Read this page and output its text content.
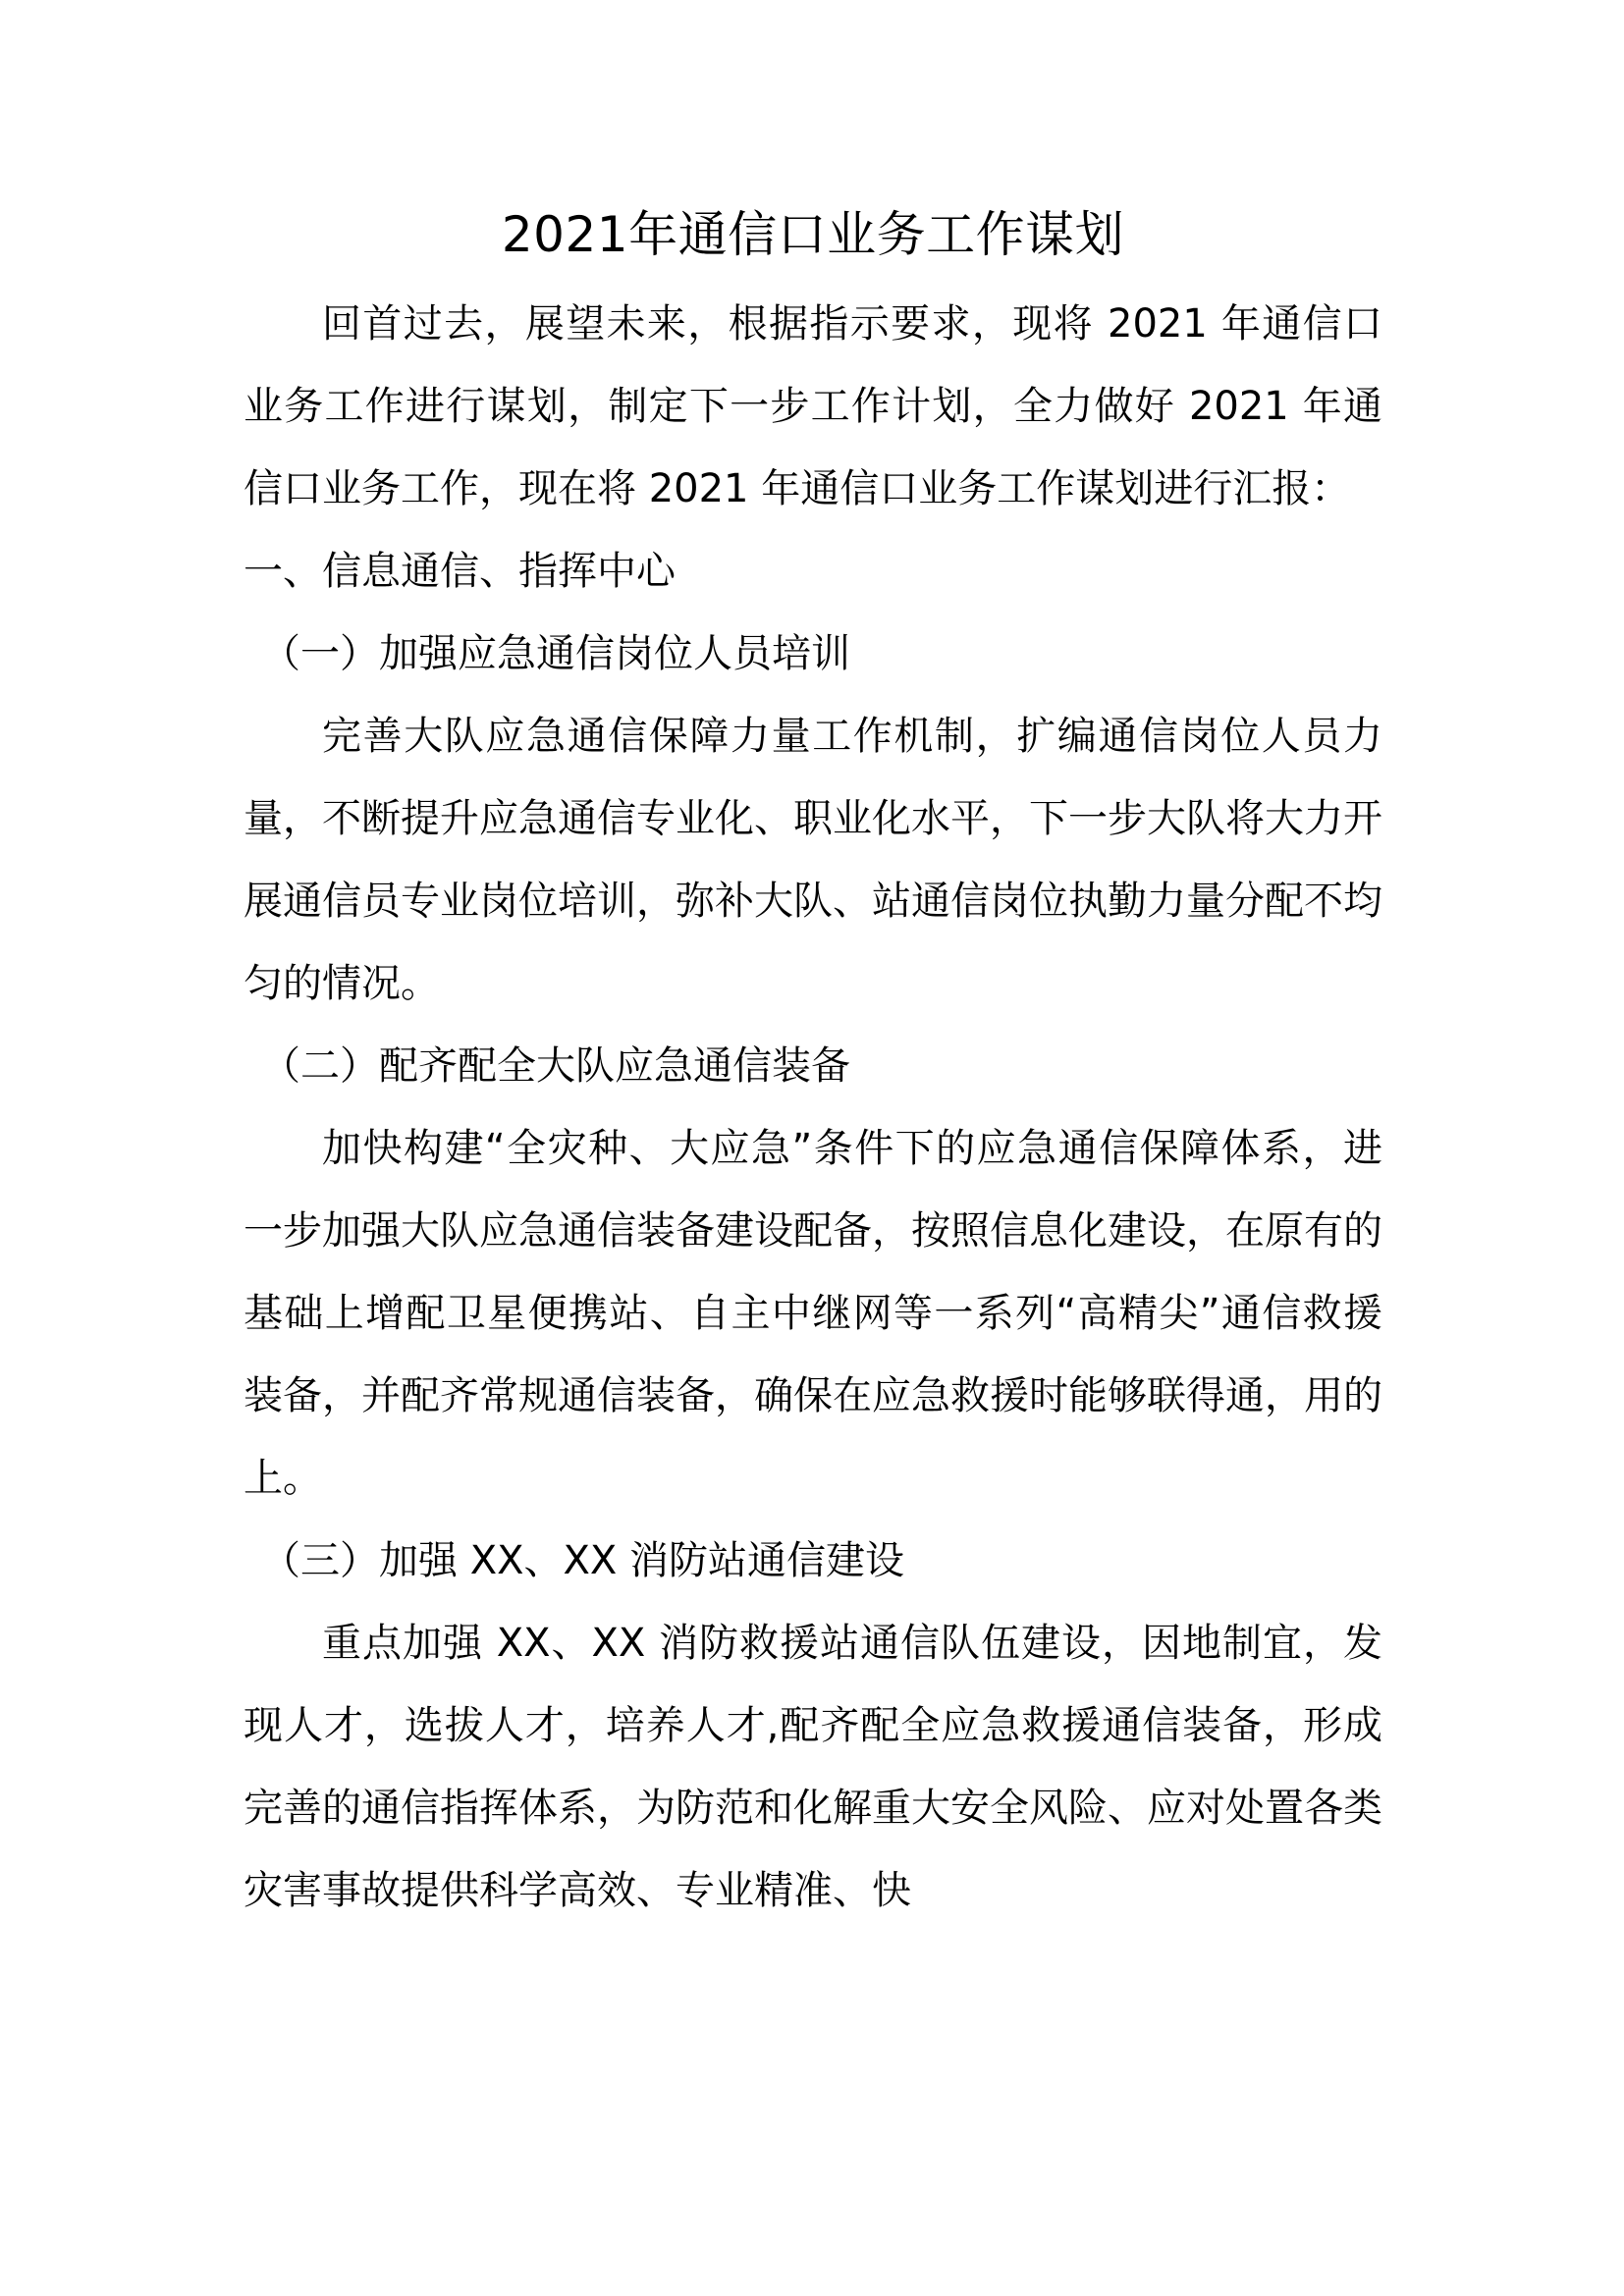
2021年通信口业务工作谋划

回首过去，展望未来，根据指示要求，现将 2021 年通信口业务工作进行谋划，制定下一步工作计划，全力做好 2021 年通信口业务工作，现在将 2021 年通信口业务工作谋划进行汇报：

一、信息通信、指挥中心

（一）加强应急通信岗位人员培训

完善大队应急通信保障力量工作机制，扩编通信岗位人员力量，不断提升应急通信专业化、职业化水平，下一步大队将大力开展通信员专业岗位培训，弥补大队、站通信岗位执勤力量分配不均匀的情况。

（二）配齐配全大队应急通信装备

加快构建“全灾种、大应急”条件下的应急通信保障体系，进一步加强大队应急通信装备建设配备，按照信息化建设，在原有的基础上增配卫星便携站、自主中继网等一系列“高精尖”通信救援装备，并配齐常规通信装备，确保在应急救援时能够联得通，用的上。

（三）加强 XX、XX 消防站通信建设

重点加强 XX、XX 消防救援站通信队伍建设，因地制宜，发现人才，选拔人才，培养人才,配齐配全应急救援通信装备，形成完善的通信指挥体系，为防范和化解重大安全风险、应对处置各类灾害事故提供科学高效、专业精准、快
